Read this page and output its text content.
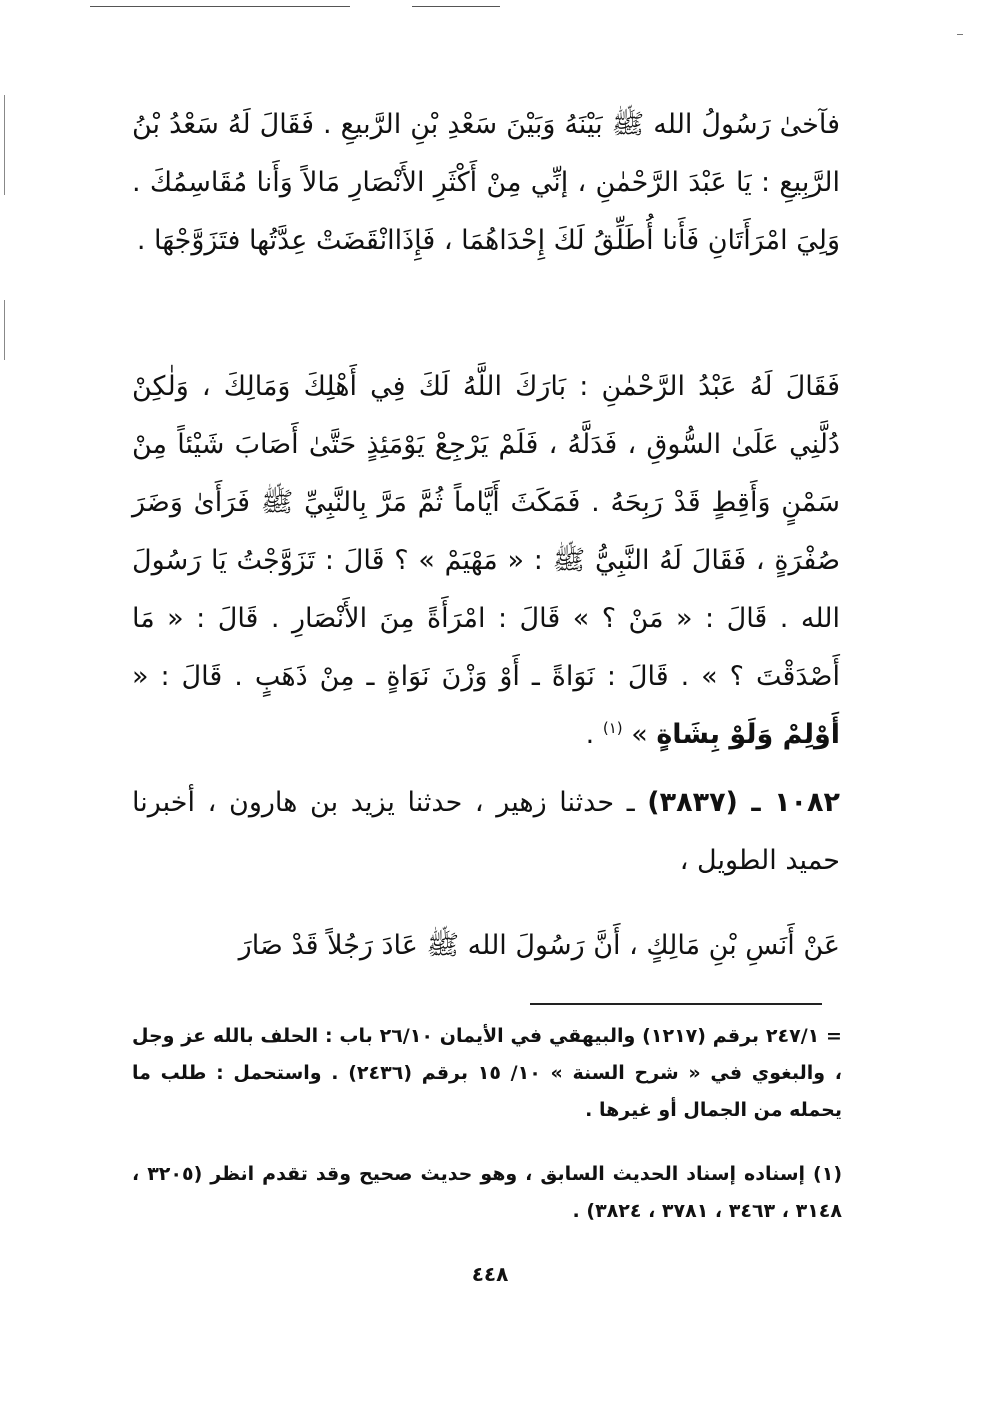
فآخىٰ رَسُولُ الله ﷺ بَيْنَهُ وَبَيْنَ سَعْدِ بْنِ الرَّبيعِ . فَقَالَ لَهُ سَعْدُ بْنُ الرَّبِيعِ : يَا عَبْدَ الرَّحْمٰنِ ، إنِّي مِنْ أَكْثَرِ الأَنْصَارِ مَالاً وَأَنا مُقَاسِمُكَ . وَلِيَ امْرَأَتَانِ فَأَنا أُطَلِّقُ لَكَ إِحْدَاهُمَا ، فَإِذَاانْقَضَتْ عِدَّتُها فتَزَوَّجْهَا .

فَقَالَ لَهُ عَبْدُ الرَّحْمٰنِ : بَارَكَ اللَّهُ لَكَ فِي أَهْلِكَ وَمَالِكَ ، وَلٰكِنْ دُلَّنِي عَلَىٰ السُّوقِ ، فَدَلَّهُ ، فَلَمْ يَرْجِعْ يَوْمَئِذٍ حَتَّىٰ أَصَابَ شَيْئاً مِنْ سَمْنٍ وَأَقِطٍ قَدْ رَبِحَهُ . فَمَكَثَ أَيَّاماً ثُمَّ مَرَّ بِالنَّبِيِّ ﷺ فَرَأَىٰ وَضَرَ صُفْرَةٍ ، فَقَالَ لَهُ النَّبِيُّ ﷺ : « مَهْيَمْ » ؟ قَالَ : تَزَوَّجْتُ يَا رَسُولَ الله . قَالَ : « مَنْ ؟ » قَالَ : امْرَأَةً مِنَ الأَنْصَارِ . قَالَ : « مَا أَصْدَقْتَ ؟ » . قَالَ : نَوَاةً ـ أَوْ وَزْنَ نَوَاةٍ ـ مِنْ ذَهَبٍ . قَالَ : « أَوْلِمْ وَلَوْ بِشَاةٍ » $^{(١)}$ .

١٠٨٢ ـ (٣٨٣٧) ـ حدثنا زهير ، حدثنا يزيد بن هارون ، أخبرنا حميد الطويل ،

عَنْ أَنَسِ بْنِ مَالِكٍ ، أَنَّ رَسُولَ الله ﷺ عَادَ رَجُلاً قَدْ صَارَ

= ٢٤٧/١ برقم (١٢١٧) والبيهقي في الأيمان ٢٦/١٠ باب : الحلف بالله عز وجل ، والبغوي في « شرح السنة » ١٠/ ١٥ برقم (٢٤٣٦) . واستحمل : طلب ما يحمله من الجمال أو غيرها .

(١) إسناده إسناد الحديث السابق ، وهو حديث صحيح وقد تقدم انظر (٣٢٠٥ ، ٣١٤٨ ، ٣٤٦٣ ، ٣٧٨١ ، ٣٨٢٤) .

٤٤٨
